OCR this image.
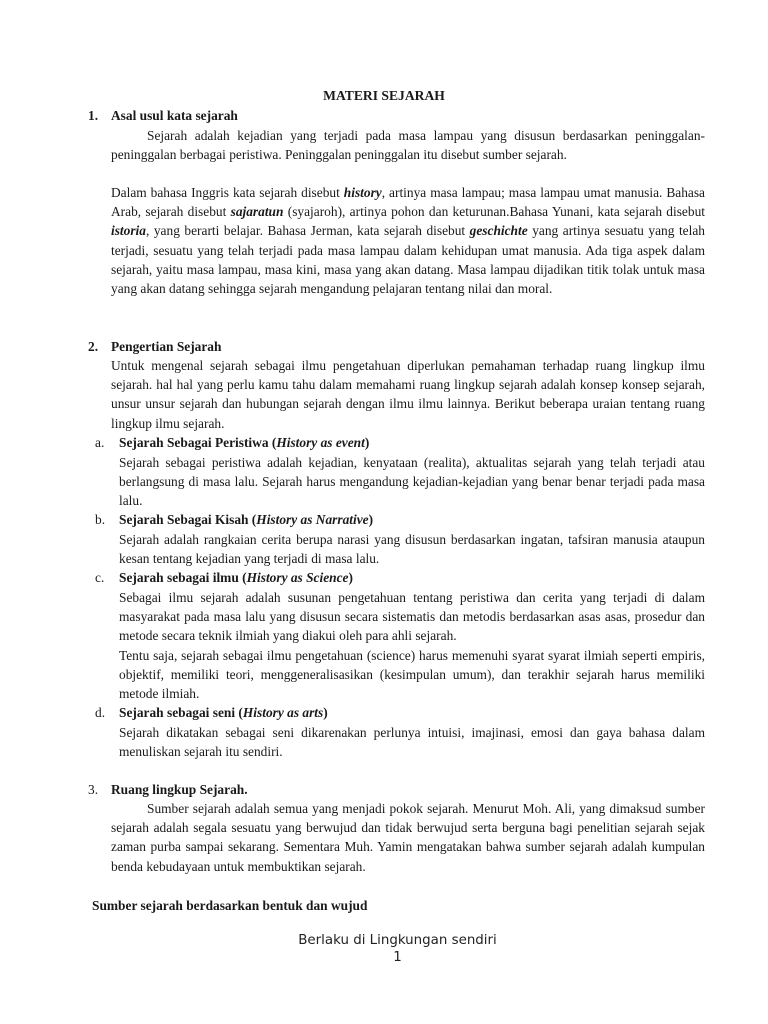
MATERI SEJARAH
1. Asal usul kata sejarah
Sejarah adalah kejadian yang terjadi pada masa lampau yang disusun berdasarkan peninggalan-peninggalan berbagai peristiwa. Peninggalan peninggalan itu disebut sumber sejarah.
Dalam bahasa Inggris kata sejarah disebut history, artinya masa lampau; masa lampau umat manusia. Bahasa Arab, sejarah disebut sajaratun (syajaroh), artinya pohon dan keturunan.Bahasa Yunani, kata sejarah disebut istoria, yang berarti belajar. Bahasa Jerman, kata sejarah disebut geschichte yang artinya sesuatu yang telah terjadi, sesuatu yang telah terjadi pada masa lampau dalam kehidupan umat manusia. Ada tiga aspek dalam sejarah, yaitu masa lampau, masa kini, masa yang akan datang. Masa lampau dijadikan titik tolak untuk masa yang akan datang sehingga sejarah mengandung pelajaran tentang nilai dan moral.
2. Pengertian Sejarah
Untuk mengenal sejarah sebagai ilmu pengetahuan diperlukan pemahaman terhadap ruang lingkup ilmu sejarah. hal hal yang perlu kamu tahu dalam memahami ruang lingkup sejarah adalah konsep konsep sejarah, unsur unsur sejarah dan hubungan sejarah dengan ilmu ilmu lainnya. Berikut beberapa uraian tentang ruang lingkup ilmu sejarah.
a. Sejarah Sebagai Peristiwa (History as event)
Sejarah sebagai peristiwa adalah kejadian, kenyataan (realita), aktualitas sejarah yang telah terjadi atau berlangsung di masa lalu. Sejarah harus mengandung kejadian-kejadian yang benar benar terjadi pada masa lalu.
b. Sejarah Sebagai Kisah (History as Narrative)
Sejarah adalah rangkaian cerita berupa narasi yang disusun berdasarkan ingatan, tafsiran manusia ataupun kesan tentang kejadian yang terjadi di masa lalu.
c. Sejarah sebagai ilmu (History as Science)
Sebagai ilmu sejarah adalah susunan pengetahuan tentang peristiwa dan cerita yang terjadi di dalam masyarakat pada masa lalu yang disusun secara sistematis dan metodis berdasarkan asas asas, prosedur dan metode secara teknik ilmiah yang diakui oleh para ahli sejarah.
Tentu saja, sejarah sebagai ilmu pengetahuan (science) harus memenuhi syarat syarat ilmiah seperti empiris, objektif, memiliki teori, menggeneralisasikan (kesimpulan umum), dan terakhir sejarah harus memiliki metode ilmiah.
d. Sejarah sebagai seni (History as arts)
Sejarah dikatakan sebagai seni dikarenakan perlunya intuisi, imajinasi, emosi dan gaya bahasa dalam menuliskan sejarah itu sendiri.
3. Ruang lingkup Sejarah.
Sumber sejarah adalah semua yang menjadi pokok sejarah. Menurut Moh. Ali, yang dimaksud sumber sejarah adalah segala sesuatu yang berwujud dan tidak berwujud serta berguna bagi penelitian sejarah sejak zaman purba sampai sekarang. Sementara Muh. Yamin mengatakan bahwa sumber sejarah adalah kumpulan benda kebudayaan untuk membuktikan sejarah.
Sumber sejarah berdasarkan bentuk dan wujud
Berlaku di Lingkungan sendiri
1
